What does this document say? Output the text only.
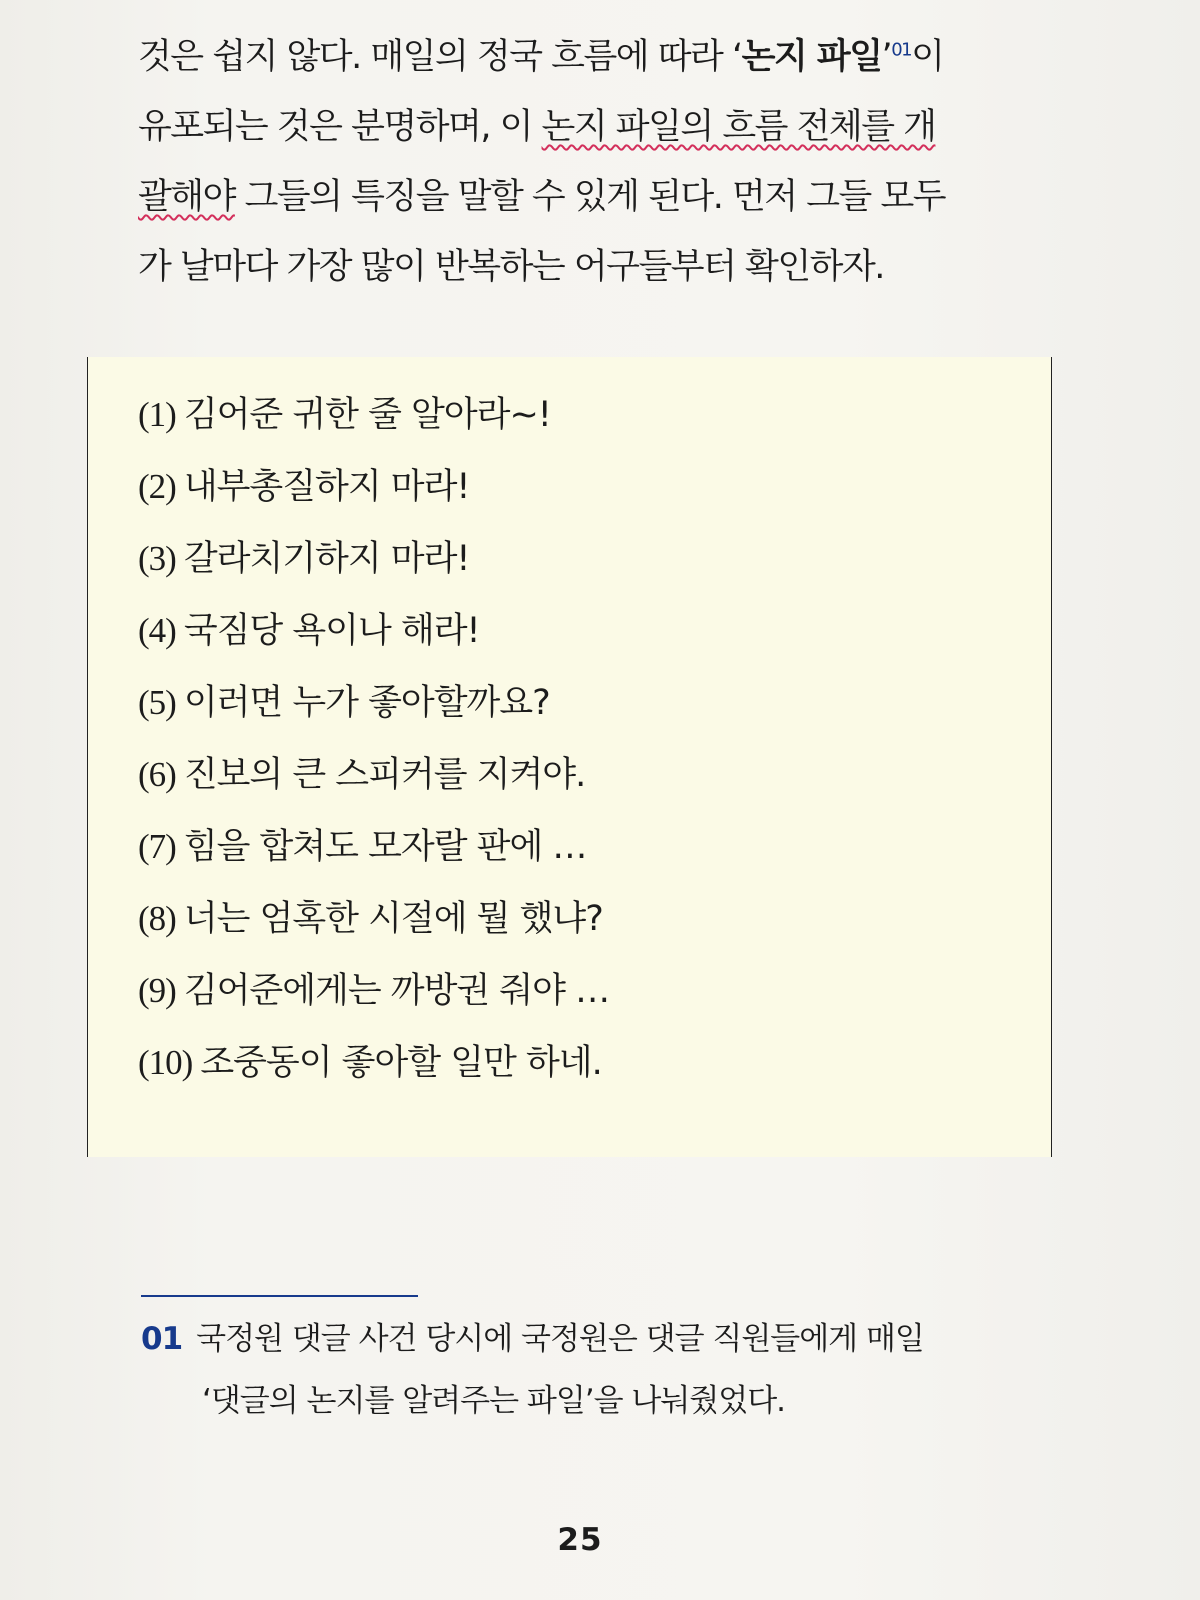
것은 쉽지 않다. 매일의 정국 흐름에 따라 ‘논지 파일’$^{01}$이
유포되는 것은 분명하며, 이 논지 파일의 흐름 전체를 개
괄해야 그들의 특징을 말할 수 있게 된다. 먼저 그들 모두
가 날마다 가장 많이 반복하는 어구들부터 확인하자.

(1) 김어준 귀한 줄 알아라~!
(2) 내부총질하지 마라!
(3) 갈라치기하지 마라!
(4) 국짐당 욕이나 해라!
(5) 이러면 누가 좋아할까요?
(6) 진보의 큰 스피커를 지켜야.
(7) 힘을 합쳐도 모자랄 판에 …
(8) 너는 엄혹한 시절에 뭘 했냐?
(9) 김어준에게는 까방권 줘야 …
(10) 조중동이 좋아할 일만 하네.
01 국정원 댓글 사건 당시에 국정원은 댓글 직원들에게 매일
‘댓글의 논지를 알려주는 파일’을 나눠줬었다.
25
